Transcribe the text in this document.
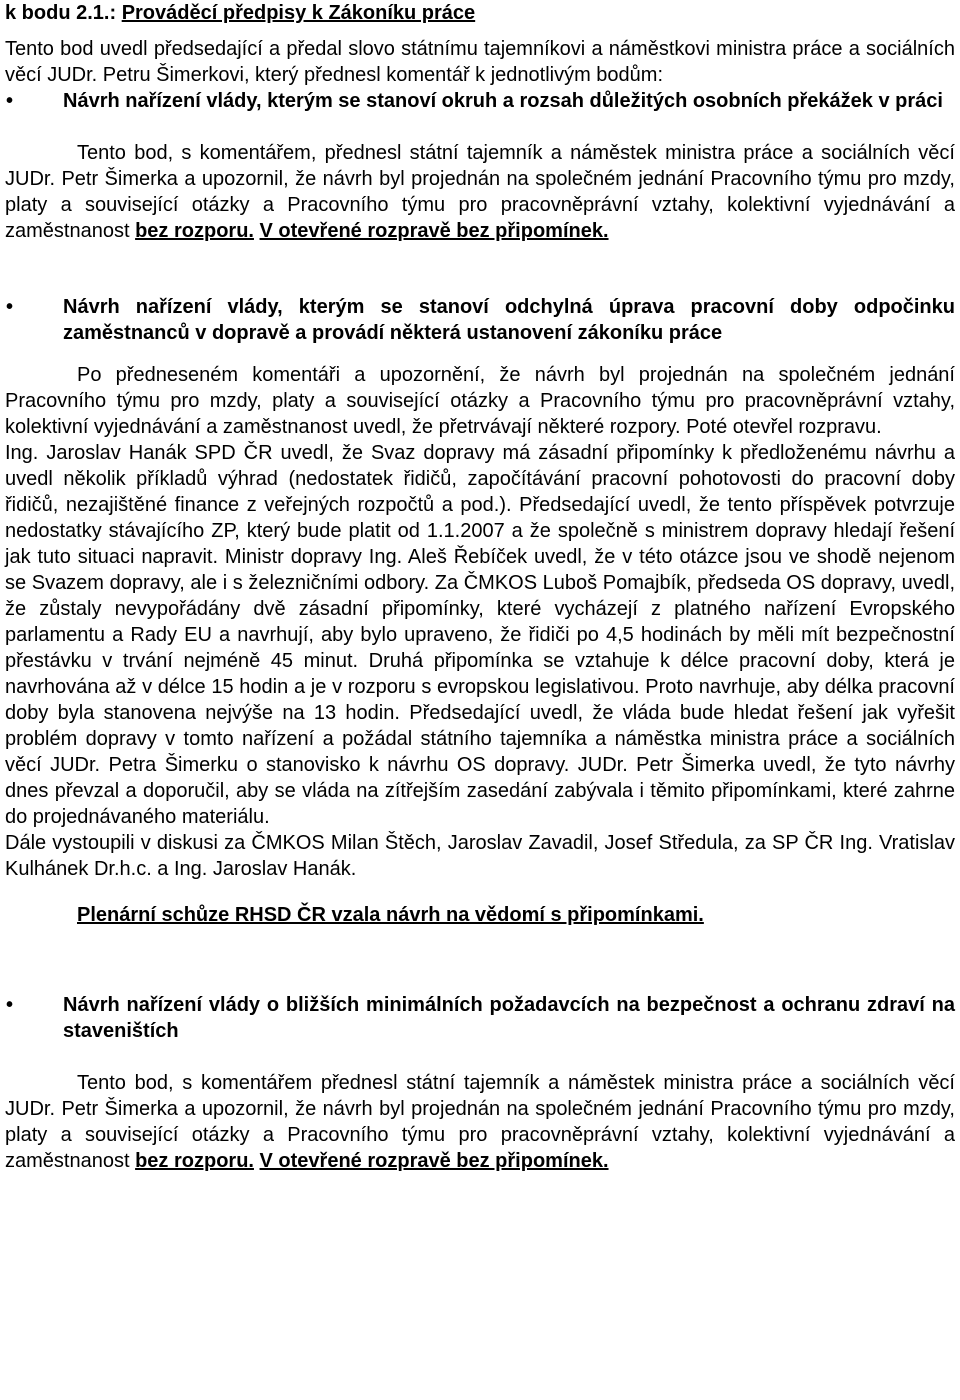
k bodu 2.1.: Prováděcí předpisy k Zákoníku práce

Tento bod uvedl předsedající a předal slovo státnímu tajemníkovi a náměstkovi ministra práce a sociálních věcí JUDr. Petru Šimerkovi, který přednesl komentář k jednotlivým bodům:

•	Návrh nařízení vlády, kterým se stanoví okruh a rozsah důležitých osobních překážek v práci

Tento bod, s komentářem, přednesl státní tajemník a náměstek ministra práce a sociálních věcí JUDr. Petr Šimerka a upozornil, že návrh byl projednán na společném jednání Pracovního týmu pro mzdy, platy a související otázky a Pracovního týmu pro pracovněprávní vztahy, kolektivní vyjednávání a zaměstnanost bez rozporu. V otevřené rozpravě bez připomínek.

•	Návrh nařízení vlády, kterým se stanoví odchylná úprava pracovní doby odpočinku zaměstnanců v dopravě a provádí některá ustanovení zákoníku práce

Po předneseném komentáři a upozornění, že návrh byl projednán na společném jednání Pracovního týmu pro mzdy, platy a související otázky a Pracovního týmu pro pracovněprávní vztahy, kolektivní vyjednávání a zaměstnanost uvedl, že přetrvávají některé rozpory. Poté otevřel rozpravu.

Ing. Jaroslav Hanák SPD ČR uvedl, že Svaz dopravy má zásadní připomínky k předloženému návrhu a uvedl několik příkladů výhrad (nedostatek řidičů, započítávání pracovní pohotovosti do pracovní doby řidičů, nezajištěné finance z veřejných rozpočtů a pod.). Předsedající uvedl, že tento příspěvek potvrzuje nedostatky stávajícího ZP, který bude platit od 1.1.2007 a že společně s ministrem dopravy hledají řešení jak tuto situaci napravit. Ministr dopravy Ing. Aleš Řebíček uvedl, že v této otázce jsou ve shodě nejenom se Svazem dopravy, ale i s železničními odbory. Za ČMKOS Luboš Pomajbík, předseda OS dopravy, uvedl, že zůstaly nevypořádány dvě zásadní připomínky, které vycházejí z platného nařízení Evropského parlamentu a Rady EU a navrhují, aby bylo upraveno, že řidiči po 4,5 hodinách by měli mít bezpečnostní přestávku v trvání nejméně 45 minut. Druhá připomínka se vztahuje k délce pracovní doby, která je navrhována až v délce 15 hodin a je v rozporu s evropskou legislativou. Proto navrhuje, aby délka pracovní doby byla stanovena nejvýše na 13 hodin. Předsedající uvedl, že vláda bude hledat řešení jak vyřešit problém dopravy v tomto nařízení a požádal státního tajemníka a náměstka ministra práce a sociálních věcí JUDr. Petra Šimerku o stanovisko k návrhu OS dopravy. JUDr. Petr Šimerka uvedl, že tyto návrhy dnes převzal a doporučil, aby se vláda na zítřejším zasedání zabývala i těmito připomínkami, které zahrne do projednávaného materiálu.

Dále vystoupili v diskusi za ČMKOS Milan Štěch, Jaroslav Zavadil, Josef Středula, za SP ČR Ing. Vratislav Kulhánek Dr.h.c. a Ing. Jaroslav Hanák.

Plenární schůze RHSD ČR vzala návrh na vědomí s připomínkami.

•	Návrh nařízení vlády o bližších minimálních požadavcích na bezpečnost a ochranu zdraví na staveništích

Tento bod, s komentářem přednesl státní tajemník a náměstek ministra práce a sociálních věcí JUDr. Petr Šimerka a upozornil, že návrh byl projednán na společném jednání Pracovního týmu pro mzdy, platy a související otázky a Pracovního týmu pro pracovněprávní vztahy, kolektivní vyjednávání a zaměstnanost bez rozporu. V otevřené rozpravě bez připomínek.
